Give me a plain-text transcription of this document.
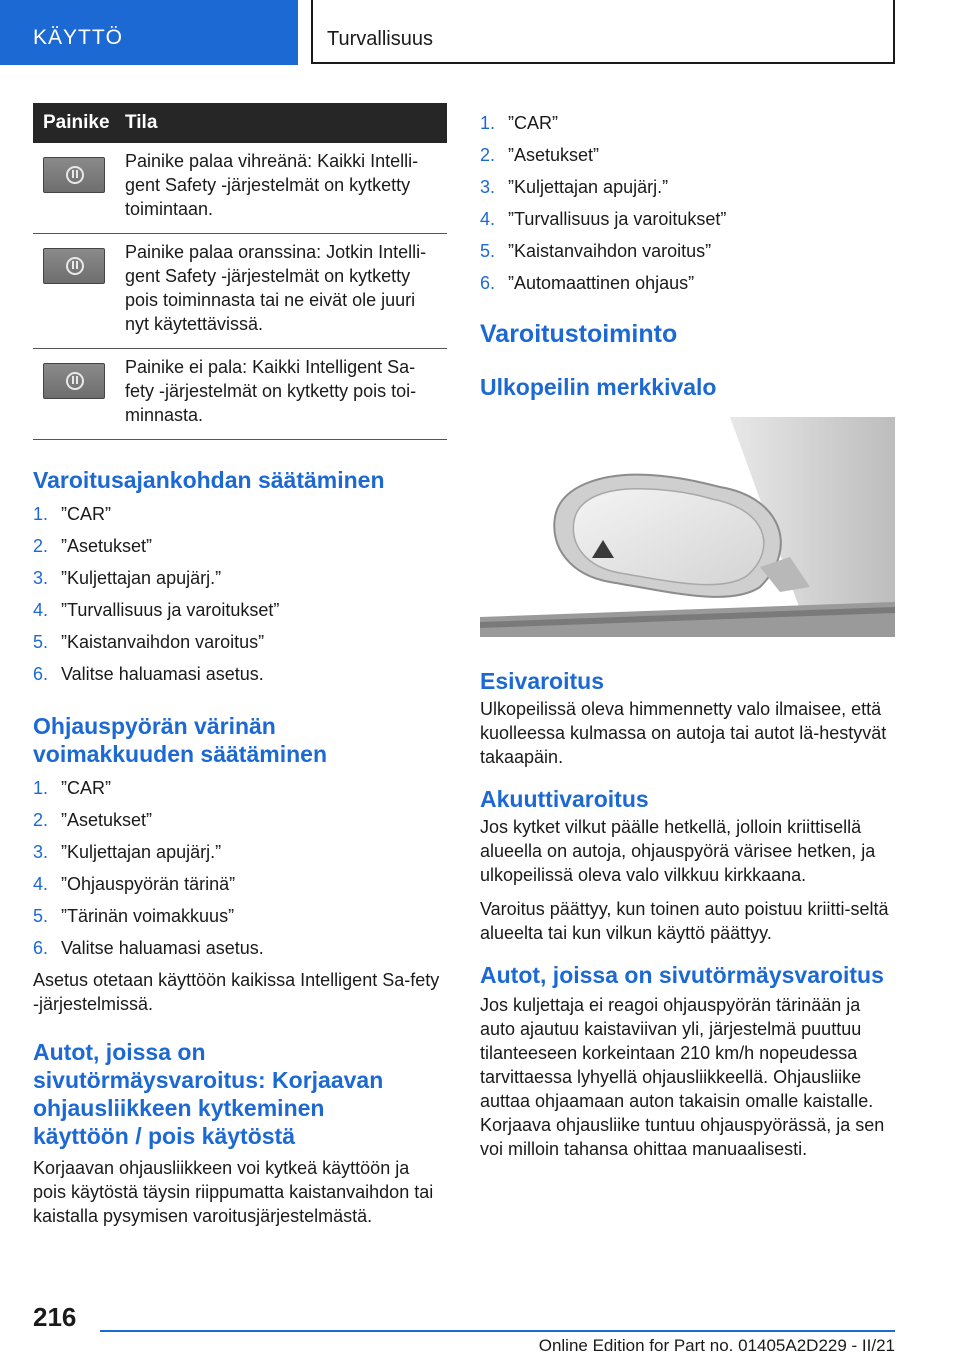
KÄYTTÖ	Turvallisuus
Painike	Tila

	Painike palaa vihreänä: Kaikki Intelli-gent Safety -järjestelmät on kytketty toimintaan.

	Painike palaa oranssina: Jotkin Intelli-gent Safety -järjestelmät on kytketty pois toiminnasta tai ne eivät ole juuri nyt käytettävissä.

	Painike ei pala: Kaikki Intelligent Sa-fety -järjestelmät on kytketty pois toi-minnasta.
Varoitusajankohdan säätäminen
1. ”CAR”
2. ”Asetukset”
3. ”Kuljettajan apujärj.”
4. ”Turvallisuus ja varoitukset”
5. ”Kaistanvaihdon varoitus”
6. Valitse haluamasi asetus.
Ohjauspyörän värinän
voimakkuuden säätäminen
1. ”CAR”
2. ”Asetukset”
3. ”Kuljettajan apujärj.”
4. ”Ohjauspyörän tärinä”
5. ”Tärinän voimakkuus”
6. Valitse haluamasi asetus.

Asetus otetaan käyttöön kaikissa Intelligent Sa-fety -järjestelmissä.

Autot, joissa on
sivutörmäysvaroitus: Korjaavan
ohjausliikkeen kytkeminen
käyttöön / pois käytöstä

Korjaavan ohjausliikkeen voi kytkeä käyttöön ja pois käytöstä täysin riippumatta kaistanvaihdon tai kaistalla pysymisen varoitusjärjestelmästä.

1. ”CAR”
2. ”Asetukset”
3. ”Kuljettajan apujärj.”
4. ”Turvallisuus ja varoitukset”
5. ”Kaistanvaihdon varoitus”
6. ”Automaattinen ohjaus”
Varoitustoiminto
Ulkopeilin merkkivalo
Esivaroitus

Ulkopeilissä oleva himmennetty valo ilmaisee, että kuolleessa kulmassa on autoja tai autot lä-hestyvät takaapäin.

Akuuttivaroitus

Jos kytket vilkut päälle hetkellä, jolloin kriittisellä alueella on autoja, ohjauspyörä värisee hetken, ja ulkopeilissä oleva valo vilkkuu kirkkaana.

Varoitus päättyy, kun toinen auto poistuu kriitti-seltä alueelta tai kun vilkun käyttö päättyy.

Autot, joissa on sivutörmäysvaroitus

Jos kuljettaja ei reagoi ohjauspyörän tärinään ja auto ajautuu kaistaviivan yli, järjestelmä puuttuu tilanteeseen korkeintaan 210 km/h nopeudessa tarvittaessa lyhyellä ohjausliikkeellä. Ohjausliike auttaa ohjaamaan auton takaisin omalle kaistalle. Korjaava ohjausliike tuntuu ohjauspyörässä, ja sen voi milloin tahansa ohittaa manuaalisesti.

216
Online Edition for Part no. 01405A2D229 - II/21
